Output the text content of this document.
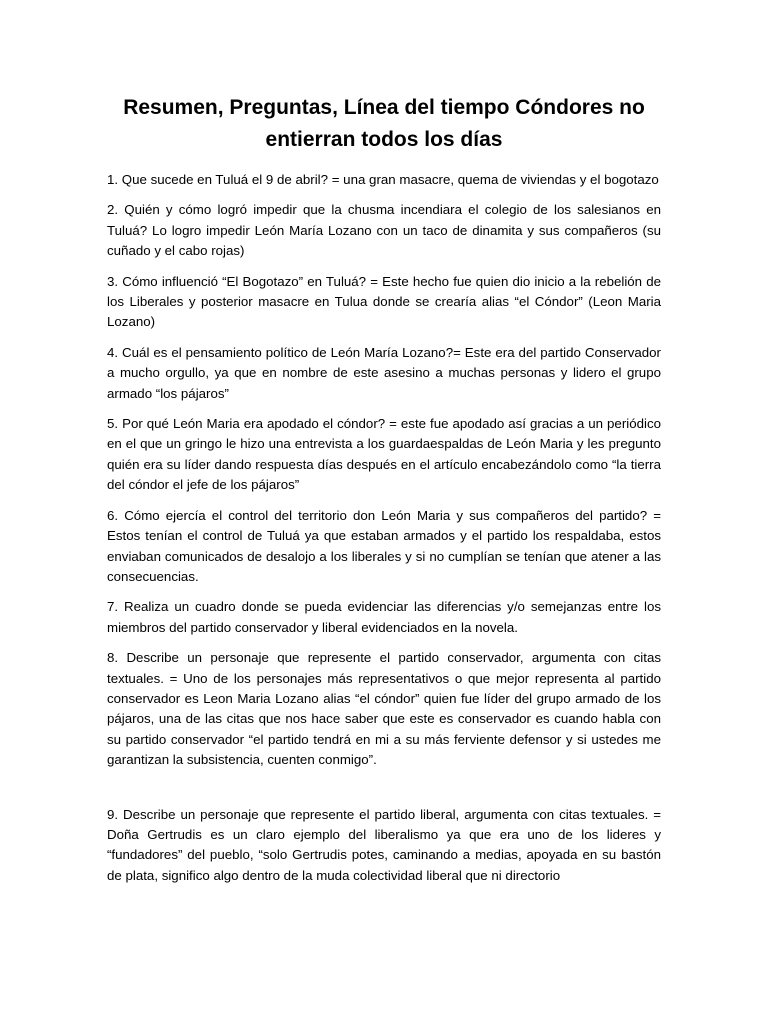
Resumen, Preguntas, Línea del tiempo Cóndores no entierran todos los días

1. Que sucede en Tuluá el 9 de abril? = una gran masacre, quema de viviendas y el bogotazo

2. Quién y cómo logró impedir que la chusma incendiara el colegio de los salesianos en Tuluá? Lo logro impedir León María Lozano con un taco de dinamita y sus compañeros (su cuñado y el cabo rojas)

3. Cómo influenció “El Bogotazo” en Tuluá? = Este hecho fue quien dio inicio a la rebelión de los Liberales y posterior masacre en Tulua donde se crearía alias “el Cóndor” (Leon Maria Lozano)

4. Cuál es el pensamiento político de León María Lozano?= Este era del partido Conservador a mucho orgullo, ya que en nombre de este asesino a muchas personas y lidero el grupo armado “los pájaros”

5. Por qué León Maria era apodado el cóndor? = este fue apodado así gracias a un periódico en el que un gringo le hizo una entrevista a los guardaespaldas de León Maria y les pregunto quién era su líder dando respuesta días después en el artículo encabezándolo como “la tierra del cóndor el jefe de los pájaros”

6. Cómo ejercía el control del territorio don León Maria y sus compañeros del partido? = Estos tenían el control de Tuluá ya que estaban armados y el partido los respaldaba, estos enviaban comunicados de desalojo a los liberales y si no cumplían se tenían que atener a las consecuencias.

7. Realiza un cuadro donde se pueda evidenciar las diferencias y/o semejanzas entre los miembros del partido conservador y liberal evidenciados en la novela.

8. Describe un personaje que represente el partido conservador, argumenta con citas textuales. = Uno de los personajes más representativos o que mejor representa al partido conservador es Leon Maria Lozano alias “el cóndor” quien fue líder del grupo armado de los pájaros, una de las citas que nos hace saber que este es conservador es cuando habla con su partido conservador “el partido tendrá en mi a su más ferviente defensor y si ustedes me garantizan la subsistencia, cuenten conmigo”.

9. Describe un personaje que represente el partido liberal, argumenta con citas textuales. = Doña Gertrudis es un claro ejemplo del liberalismo ya que era uno de los lideres y “fundadores” del pueblo, “solo Gertrudis potes, caminando a medias, apoyada en su bastón de plata, significo algo dentro de la muda colectividad liberal que ni directorio
